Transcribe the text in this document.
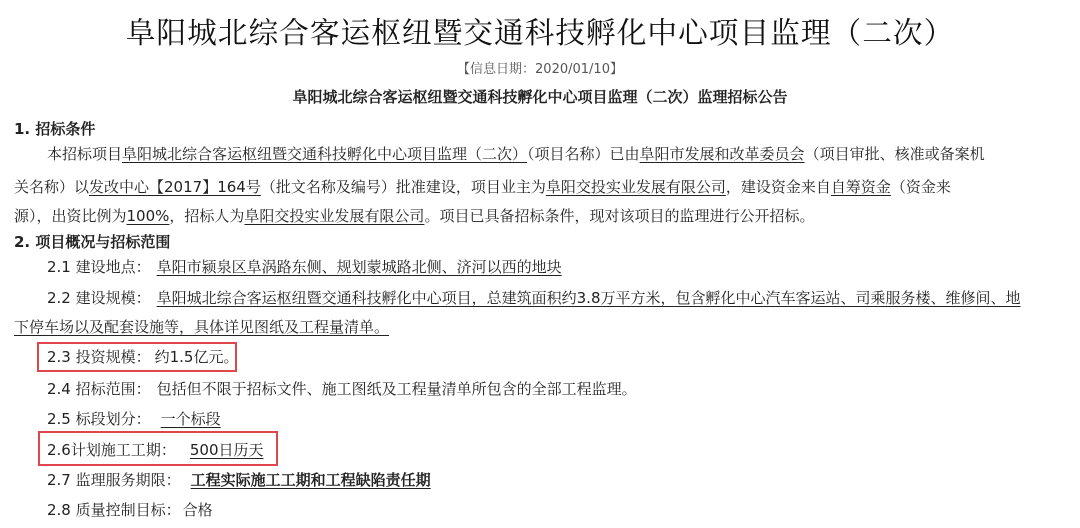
阜阳城北综合客运枢纽暨交通科技孵化中心项目监理（二次）
【信息日期：2020/01/10】
阜阳城北综合客运枢纽暨交通科技孵化中心项目监理（二次）监理招标公告
1. 招标条件
本招标项目阜阳城北综合客运枢纽暨交通科技孵化中心项目监理（二次）（项目名称）已由阜阳市发展和改革委员会（项目审批、核准或备案机
关名称）以发改中心【2017】164号（批文名称及编号）批准建设，项目业主为阜阳交投实业发展有限公司，建设资金来自自筹资金（资金来
源），出资比例为100%，招标人为阜阳交投实业发展有限公司。项目已具备招标条件，现对该项目的监理进行公开招标。
2. 项目概况与招标范围
2.1 建设地点： 阜阳市颍泉区阜涡路东侧、规划蒙城路北侧、济河以西的地块
2.2 建设规模： 阜阳城北综合客运枢纽暨交通科技孵化中心项目，总建筑面积约3.8万平方米，包含孵化中心汽车客运站、司乘服务楼、维修间、地
下停车场以及配套设施等，具体详见图纸及工程量清单。
2.3 投资规模： 约1.5亿元。
2.4 招标范围： 包括但不限于招标文件、施工图纸及工程量清单所包含的全部工程监理。
2.5 标段划分： 一个标段
2.6计划施工工期： 500日历天
2.7 监理服务期限： 工程实际施工工期和工程缺陷责任期
2.8 质量控制目标： 合格
